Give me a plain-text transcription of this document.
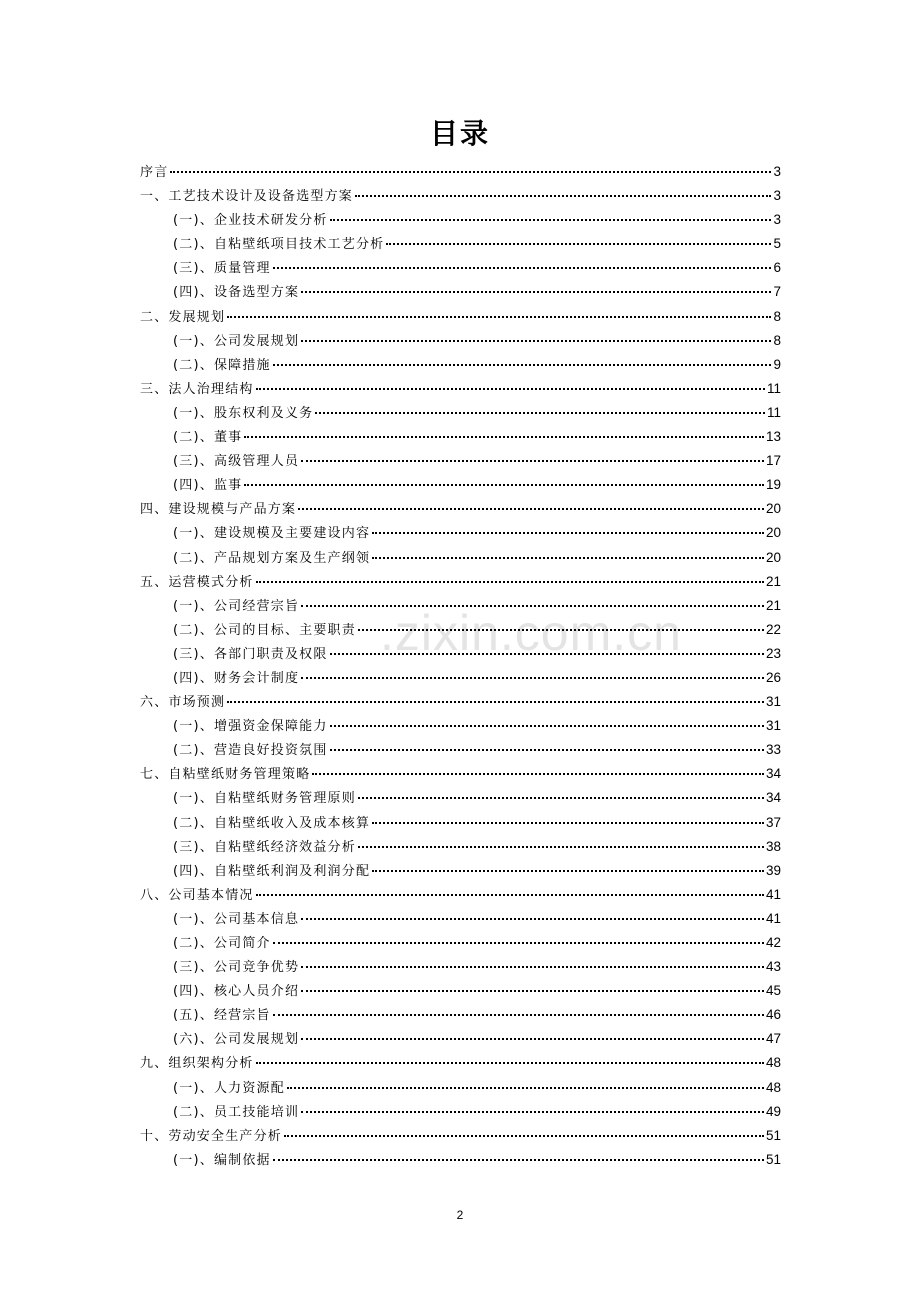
.zixin.com.cn
目录
序言	3
一、工艺技术设计及设备选型方案	3
(一)、企业技术研发分析	3
(二)、自粘壁纸项目技术工艺分析	5
(三)、质量管理	6
(四)、设备选型方案	7
二、发展规划	8
(一)、公司发展规划	8
(二)、保障措施	9
三、法人治理结构	11
(一)、股东权利及义务	11
(二)、董事	13
(三)、高级管理人员	17
(四)、监事	19
四、建设规模与产品方案	20
(一)、建设规模及主要建设内容	20
(二)、产品规划方案及生产纲领	20
五、运营模式分析	21
(一)、公司经营宗旨	21
(二)、公司的目标、主要职责	22
(三)、各部门职责及权限	23
(四)、财务会计制度	26
六、市场预测	31
(一)、增强资金保障能力	31
(二)、营造良好投资氛围	33
七、自粘壁纸财务管理策略	34
(一)、自粘壁纸财务管理原则	34
(二)、自粘壁纸收入及成本核算	37
(三)、自粘壁纸经济效益分析	38
(四)、自粘壁纸利润及利润分配	39
八、公司基本情况	41
(一)、公司基本信息	41
(二)、公司简介	42
(三)、公司竞争优势	43
(四)、核心人员介绍	45
(五)、经营宗旨	46
(六)、公司发展规划	47
九、组织架构分析	48
(一)、人力资源配	48
(二)、员工技能培训	49
十、劳动安全生产分析	51
(一)、编制依据	51
2
